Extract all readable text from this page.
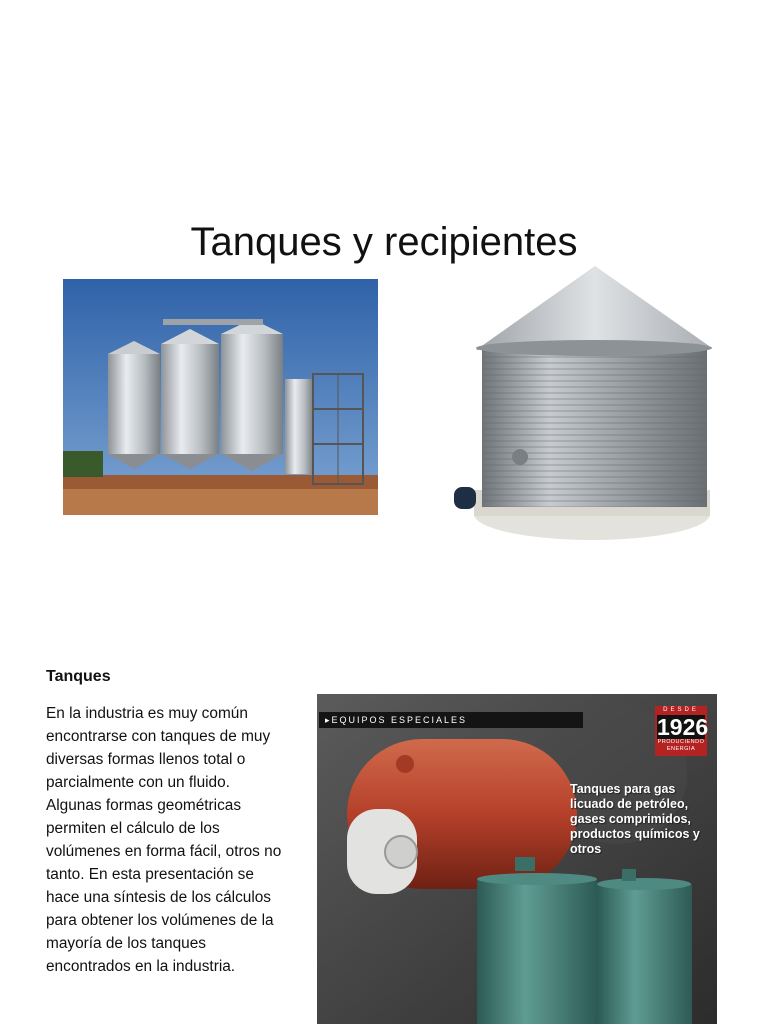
Tanques y recipientes
Tanques
En la industria es muy común encontrarse con tanques de muy diversas formas llenos total o parcialmente con un fluido. Algunas formas geométricas permiten el cálculo de los volúmenes en forma fácil, otros no tanto. En esta presentación se hace una síntesis de los cálculos para obtener los volúmenes de la mayoría de los tanques encontrados en la industria.
▸EQUIPOS ESPECIALES
DESDE
1926
PRODUCIENDO ENERGIA
Tanques para gas licuado de petróleo, gases comprimidos, productos químicos y otros
